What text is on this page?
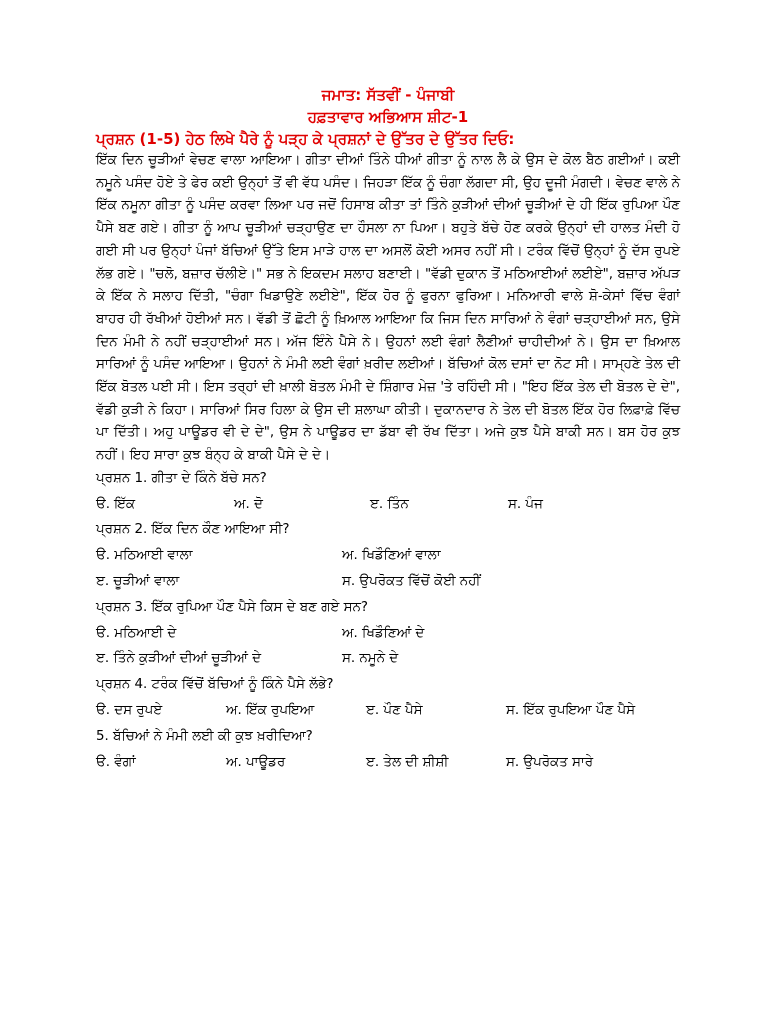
ਜਮਾਤ: ਸੱਤਵੀਂ - ਪੰਜਾਬੀ
ਹਫ਼ਤਾਵਾਰ ਅਭਿਆਸ ਸ਼ੀਟ-1
ਪ੍ਰਸ਼ਨ (1-5) ਹੇਠ ਲਿਖੇ ਪੈਰੇ ਨੂੰ ਪੜ੍ਹ ਕੇ ਪ੍ਰਸ਼ਨਾਂ ਦੇ ਉੱਤਰ ਦੇ ਉੱਤਰ ਦਿਓ:

ਇੱਕ ਦਿਨ ਚੂੜੀਆਂ ਵੇਚਣ ਵਾਲਾ ਆਇਆ। ਗੀਤਾ ਦੀਆਂ ਤਿੰਨੇ ਧੀਆਂ ਗੀਤਾ ਨੂੰ ਨਾਲ ਲੈ ਕੇ ਉਸ ਦੇ ਕੋਲ ਬੈਠ ਗਈਆਂ। ਕਈ ਨਮੂਨੇ ਪਸੰਦ ਹੋਏ ਤੇ ਫੇਰ ਕਈ ਉਨ੍ਹਾਂ ਤੋਂ ਵੀ ਵੱਧ ਪਸੰਦ। ਜਿਹੜਾ ਇੱਕ ਨੂੰ ਚੰਗਾ ਲੱਗਦਾ ਸੀ, ਉਹ ਦੂਜੀ ਮੰਗਦੀ। ਵੇਚਣ ਵਾਲੇ ਨੇ ਇੱਕ ਨਮੂਨਾ ਗੀਤਾ ਨੂੰ ਪਸੰਦ ਕਰਵਾ ਲਿਆ ਪਰ ਜਦੋਂ ਹਿਸਾਬ ਕੀਤਾ ਤਾਂ ਤਿੰਨੇ ਕੁੜੀਆਂ ਦੀਆਂ ਚੂੜੀਆਂ ਦੇ ਹੀ ਇੱਕ ਰੁਪਿਆ ਪੌਣ ਪੈਸੇ ਬਣ ਗਏ। ਗੀਤਾ ਨੂੰ ਆਪ ਚੂੜੀਆਂ ਚੜ੍ਹਾਉਣ ਦਾ ਹੌਸਲਾ ਨਾ ਪਿਆ। ਬਹੁਤੇ ਬੱਚੇ ਹੋਣ ਕਰਕੇ ਉਨ੍ਹਾਂ ਦੀ ਹਾਲਤ ਮੰਦੀ ਹੋ ਗਈ ਸੀ ਪਰ ਉਨ੍ਹਾਂ ਪੰਜਾਂ ਬੱਚਿਆਂ ਉੱਤੇ ਇਸ ਮਾੜੇ ਹਾਲ ਦਾ ਅਸਲੋਂ ਕੋਈ ਅਸਰ ਨਹੀਂ ਸੀ। ਟਰੰਕ ਵਿੱਚੋਂ ਉਨ੍ਹਾਂ ਨੂੰ ਦੱਸ ਰੁਪਏ ਲੱਭ ਗਏ। "ਚਲੋ, ਬਜ਼ਾਰ ਚੱਲੀਏ।" ਸਭ ਨੇ ਇਕਦਮ ਸਲਾਹ ਬਣਾਈ। "ਵੱਡੀ ਦੁਕਾਨ ਤੋਂ ਮਠਿਆਈਆਂ ਲਈਏ", ਬਜ਼ਾਰ ਅੱਪੜ ਕੇ ਇੱਕ ਨੇ ਸਲਾਹ ਦਿੱਤੀ, "ਚੰਗਾ ਖਿਡਾਉਣੇ ਲਈਏ", ਇੱਕ ਹੋਰ ਨੂੰ ਫੁਰਨਾ ਫੁਰਿਆ। ਮਨਿਆਰੀ ਵਾਲੇ ਸ਼ੋ-ਕੇਸਾਂ ਵਿੱਚ ਵੰਗਾਂ ਬਾਹਰ ਹੀ ਰੱਖੀਆਂ ਹੋਈਆਂ ਸਨ। ਵੱਡੀ ਤੋਂ ਛੋਟੀ ਨੂੰ ਖ਼ਿਆਲ ਆਇਆ ਕਿ ਜਿਸ ਦਿਨ ਸਾਰਿਆਂ ਨੇ ਵੰਗਾਂ ਚੜ੍ਹਾਈਆਂ ਸਨ, ਉਸੇ ਦਿਨ ਮੰਮੀ ਨੇ ਨਹੀਂ ਚੜ੍ਹਾਈਆਂ ਸਨ। ਅੱਜ ਇੰਨੇ ਪੈਸੇ ਨੇ। ਉਹਨਾਂ ਲਈ ਵੰਗਾਂ ਲੈਣੀਆਂ ਚਾਹੀਦੀਆਂ ਨੇ। ਉਸ ਦਾ ਖ਼ਿਆਲ ਸਾਰਿਆਂ ਨੂੰ ਪਸੰਦ ਆਇਆ। ਉਹਨਾਂ ਨੇ ਮੰਮੀ ਲਈ ਵੰਗਾਂ ਖ਼ਰੀਦ ਲਈਆਂ। ਬੱਚਿਆਂ ਕੋਲ ਦਸਾਂ ਦਾ ਨੋਟ ਸੀ। ਸਾਮ੍ਹਣੇ ਤੇਲ ਦੀ ਇੱਕ ਬੋਤਲ ਪਈ ਸੀ। ਇਸ ਤਰ੍ਹਾਂ ਦੀ ਖ਼ਾਲੀ ਬੋਤਲ ਮੰਮੀ ਦੇ ਸ਼ਿੰਗਾਰ ਮੇਜ਼ 'ਤੇ ਰਹਿੰਦੀ ਸੀ। "ਇਹ ਇੱਕ ਤੇਲ ਦੀ ਬੋਤਲ ਦੇ ਦੇ", ਵੱਡੀ ਕੁੜੀ ਨੇ ਕਿਹਾ। ਸਾਰਿਆਂ ਸਿਰ ਹਿਲਾ ਕੇ ਉਸ ਦੀ ਸ਼ਲਾਘਾ ਕੀਤੀ। ਦੁਕਾਨਦਾਰ ਨੇ ਤੇਲ ਦੀ ਬੋਤਲ ਇੱਕ ਹੋਰ ਲਿਫ਼ਾਫ਼ੇ ਵਿੱਚ ਪਾ ਦਿੱਤੀ। ਅਹੁ ਪਾਊਡਰ ਵੀ ਦੇ ਦੇ", ਉਸ ਨੇ ਪਾਊਡਰ ਦਾ ਡੱਬਾ ਵੀ ਰੱਖ ਦਿੱਤਾ। ਅਜੇ ਕੁਝ ਪੈਸੇ ਬਾਕੀ ਸਨ। ਬਸ ਹੋਰ ਕੁਝ ਨਹੀਂ। ਇਹ ਸਾਰਾ ਕੁਝ ਬੰਨ੍ਹ ਕੇ ਬਾਕੀ ਪੈਸੇ ਦੇ ਦੇ।

ਪ੍ਰਸ਼ਨ 1. ਗੀਤਾ ਦੇ ਕਿੰਨੇ ਬੱਚੇ ਸਨ?
ੳ. ਇੱਕ	ਅ. ਦੋ	ੲ. ਤਿੰਨ	ਸ. ਪੰਜ
ਪ੍ਰਸ਼ਨ 2. ਇੱਕ ਦਿਨ ਕੌਣ ਆਇਆ ਸੀ?
ੳ. ਮਠਿਆਈ ਵਾਲਾ	ਅ. ਖਿਡੌਣਿਆਂ ਵਾਲਾ
ੲ. ਚੂੜੀਆਂ ਵਾਲਾ	ਸ. ਉਪਰੋਕਤ ਵਿੱਚੋਂ ਕੋਈ ਨਹੀਂ
ਪ੍ਰਸ਼ਨ 3. ਇੱਕ ਰੁਪਿਆ ਪੌਣ ਪੈਸੇ ਕਿਸ ਦੇ ਬਣ ਗਏ ਸਨ?
ੳ. ਮਠਿਆਈ ਦੇ	ਅ. ਖਿਡੌਣਿਆਂ ਦੇ
ੲ. ਤਿੰਨੇ ਕੁੜੀਆਂ ਦੀਆਂ ਚੂੜੀਆਂ ਦੇ	ਸ. ਨਮੂਨੇ ਦੇ
ਪ੍ਰਸ਼ਨ 4. ਟਰੰਕ ਵਿੱਚੋਂ ਬੱਚਿਆਂ ਨੂੰ ਕਿੰਨੇ ਪੈਸੇ ਲੱਭੇ?
ੳ. ਦਸ ਰੁਪਏ	ਅ. ਇੱਕ ਰੁਪਇਆ	ੲ. ਪੌਣ ਪੈਸੇ	ਸ. ਇੱਕ ਰੁਪਇਆ ਪੌਣ ਪੈਸੇ
5. ਬੱਚਿਆਂ ਨੇ ਮੰਮੀ ਲਈ ਕੀ ਕੁਝ ਖ਼ਰੀਦਿਆ?
ੳ. ਵੰਗਾਂ	ਅ. ਪਾਊਡਰ	ੲ. ਤੇਲ ਦੀ ਸ਼ੀਸ਼ੀ	ਸ. ਉਪਰੋਕਤ ਸਾਰੇ
